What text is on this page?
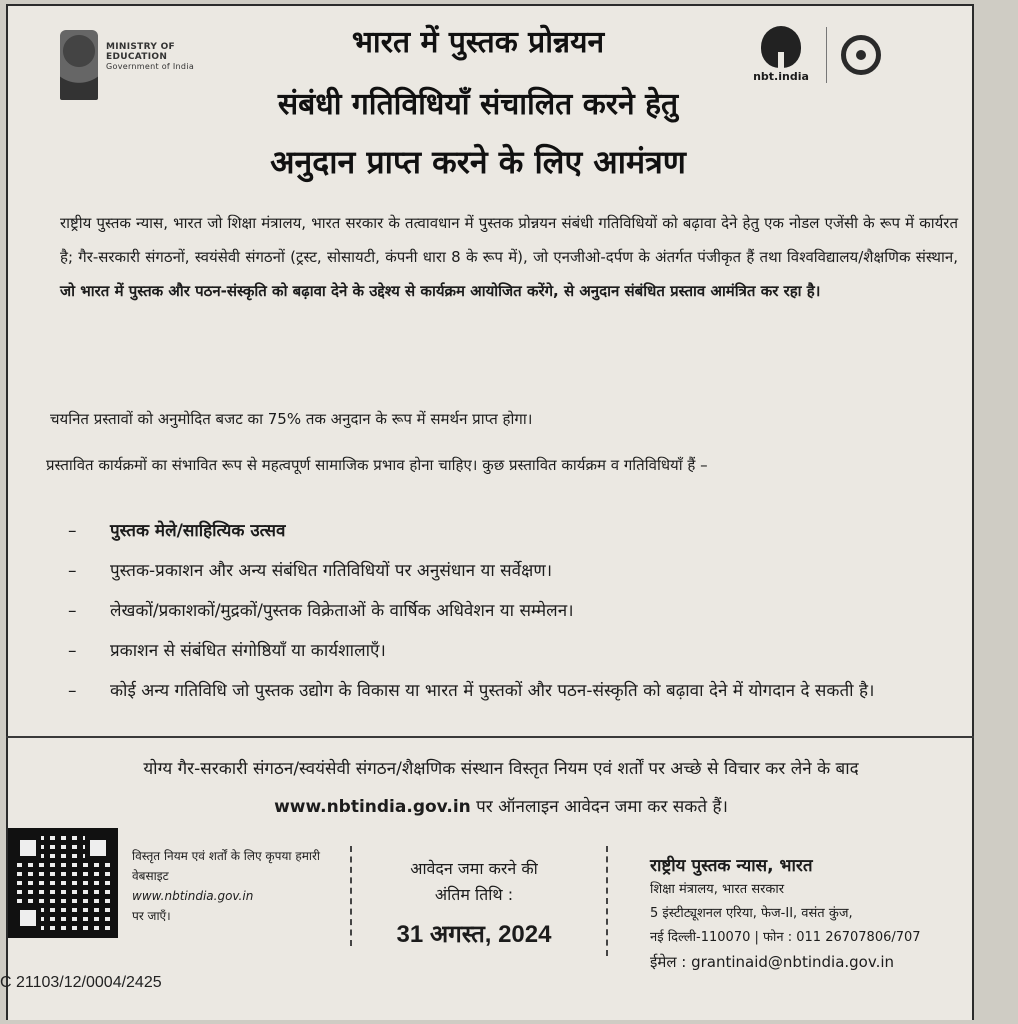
MINISTRY OF
EDUCATION
Government of India
nbt.india
भारत में पुस्तक प्रोन्नयन
संबंधी गतिविधियाँ संचालित करने हेतु
अनुदान प्राप्त करने के लिए आमंत्रण
राष्ट्रीय पुस्तक न्यास, भारत जो शिक्षा मंत्रालय, भारत सरकार के तत्वावधान में पुस्तक प्रोन्नयन संबंधी गतिविधियों को बढ़ावा देने हेतु एक नोडल एजेंसी के रूप में कार्यरत है; गैर-सरकारी संगठनों, स्वयंसेवी संगठनों (ट्रस्ट, सोसायटी, कंपनी धारा 8 के रूप में), जो एनजीओ-दर्पण के अंतर्गत पंजीकृत हैं तथा विश्वविद्यालय/शैक्षणिक संस्थान, जो भारत में पुस्तक और पठन-संस्कृति को बढ़ावा देने के उद्देश्य से कार्यक्रम आयोजित करेंगे, से अनुदान संबंधित प्रस्ताव आमंत्रित कर रहा है।
चयनित प्रस्तावों को अनुमोदित बजट का 75% तक अनुदान के रूप में समर्थन प्राप्त होगा।
प्रस्तावित कार्यक्रमों का संभावित रूप से महत्वपूर्ण सामाजिक प्रभाव होना चाहिए। कुछ प्रस्तावित कार्यक्रम व गतिविधियाँ हैं –
–	पुस्तक मेले/साहित्यिक उत्सव
–	पुस्तक-प्रकाशन और अन्य संबंधित गतिविधियों पर अनुसंधान या सर्वेक्षण।
–	लेखकों/प्रकाशकों/मुद्रकों/पुस्तक विक्रेताओं के वार्षिक अधिवेशन या सम्मेलन।
–	प्रकाशन से संबंधित संगोष्ठियाँ या कार्यशालाएँ।
–	कोई अन्य गतिविधि जो पुस्तक उद्योग के विकास या भारत में पुस्तकों और पठन-संस्कृति को बढ़ावा देने में योगदान दे सकती है।
योग्य गैर-सरकारी संगठन/स्वयंसेवी संगठन/शैक्षणिक संस्थान विस्तृत नियम एवं शर्तों पर अच्छे से विचार कर लेने के बाद www.nbtindia.gov.in पर ऑनलाइन आवेदन जमा कर सकते हैं।
विस्तृत नियम एवं शर्तों के लिए कृपया हमारी वेबसाइट
www.nbtindia.gov.in
पर जाएँ।
आवेदन जमा करने की
अंतिम तिथि :
31 अगस्त, 2024
राष्ट्रीय पुस्तक न्यास, भारत
शिक्षा मंत्रालय, भारत सरकार
5 इंस्टीट्यूशनल एरिया, फेज-II, वसंत कुंज,
नई दिल्ली-110070 | फोन : 011 26707806/707
ईमेल : grantinaid@nbtindia.gov.in
C 21103/12/0004/2425
